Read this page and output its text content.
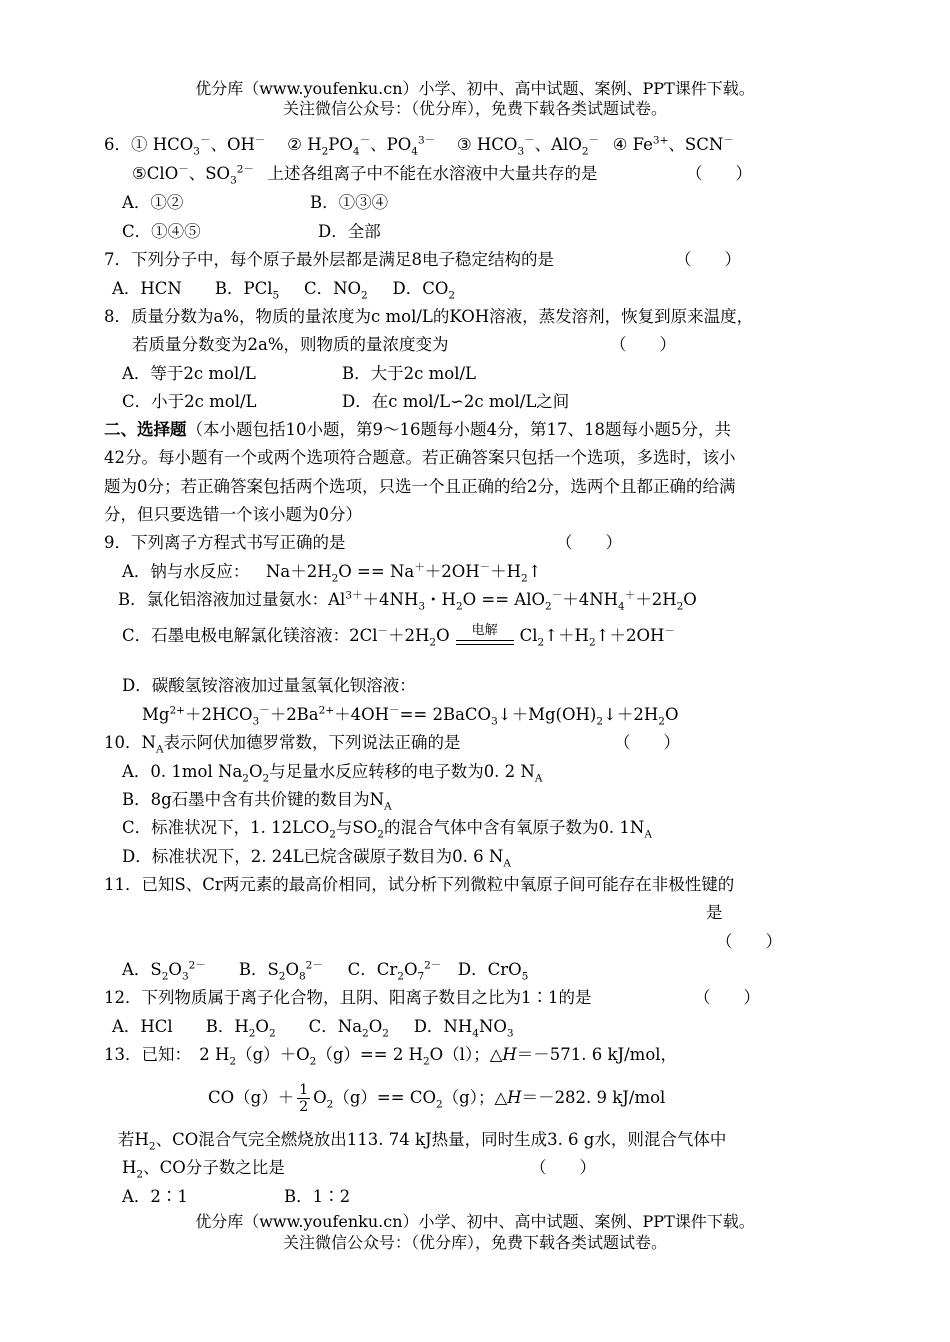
优分库（www.youfenku.cn）小学、初中、高中试题、案例、PPT课件下载。
关注微信公众号：（优分库），免费下载各类试题试卷。
6．① $HCO_3^-$、OH－  ② $H_2PO_4^-$、$PO_4^{3-}$  ③ $HCO_3^-$、AlO$_2$－  ④ $Fe^{3+}$、SCN－
⑤ClO－、$SO_3^{2-}$  上述各组离子中不能在水溶液中大量共存的是	（　　）
A．①②	B．①③④
C．①④⑤	D．全部
7．下列分子中，每个原子最外层都是满足8电子稳定结构的是	（　　）
A．HCN   B．PCl$_5$   C．$NO_2$   D．$CO_2$
8．质量分数为a%，物质的量浓度为c mol/L的KOH溶液，蒸发溶剂，恢复到原来温度，
若质量分数变为2a%，则物质的量浓度变为	（　　）
A．等于2c mol/L	B．大于2c mol/L
C．小于2c mol/L	D．在c mol/L∽2c mol/L之间
二、选择题（本小题包括10小题，第9～16题每小题4分，第17、18题每小题5分，共
42分。每小题有一个或两个选项符合题意。若正确答案只包括一个选项，多选时，该小
题为0分；若正确答案包括两个选项，只选一个且正确的给2分，选两个且都正确的给满
分，但只要选错一个该小题为0分）
9．下列离子方程式书写正确的是	（　　）
A．钠与水反应： $Na+2H_2O$ == $Na^++2OH^-+H_2↑$
B．氯化铝溶液加过量氨水：$Al^{3+}+4NH_3$・$H_2O == AlO_2^-+4NH_4^++2H_2O$
C．石墨电极电解氯化镁溶液：$2Cl^-+2H_2O$	电解	$Cl_2↑+H_2↑+2OH^-$
D．碳酸氢铵溶液加过量氢氧化钡溶液：
$Mg^{2+}+2HCO_3^-+2Ba^{2+}+4OH^-==$ $2BaCO_3↓+Mg(OH)_2↓+2H_2O$
10．$N_A$表示阿伏加德罗常数，下列说法正确的是	（　　）
A．0. 1mol $Na_2O_2$与足量水反应转移的电子数为0. 2 $N_A$
B．8g石墨中含有共价键的数目为$N_A$
C．标准状况下，1. $12LCO_2$与$SO_2$的混合气体中含有氧原子数为0. $1N_A$
D．标准状况下，2. 24L已烷含碳原子数目为0. 6 $N_A$
11．已知S、Cr两元素的最高价相同，试分析下列微粒中氧原子间可能存在非极性键的
是
（　　）
A．$S_2O_3^{2-}$   B．$S_2O_8^{2-}$   C．$Cr_2O_7^{2-}$  D．CrO$_5$
12．下列物质属于离子化合物，且阴、阳离子数目之比为1∶1的是	（　　）
A．HCl   B．$H_2O_2$   C．$Na_2O_2$   D．$NH_4NO_3$
13．已知：  2 $H_2(g)+O_2(g)== 2$ $H_2O(l)$；△H＝－571. 6 kJ/mol，
$CO(g)+ \frac{1}{2} O_2(g)== CO_2(g)$；△H＝－282. 9 kJ/mol
若$H_2$、CO混合气完全燃烧放出113. 74 kJ热量，同时生成3. 6 g水，则混合气体中
$H_2$、CO分子数之比是	（　　）
A．2∶1	B．1∶2
优分库（www.youfenku.cn）小学、初中、高中试题、案例、PPT课件下载。
关注微信公众号：（优分库），免费下载各类试题试卷。
